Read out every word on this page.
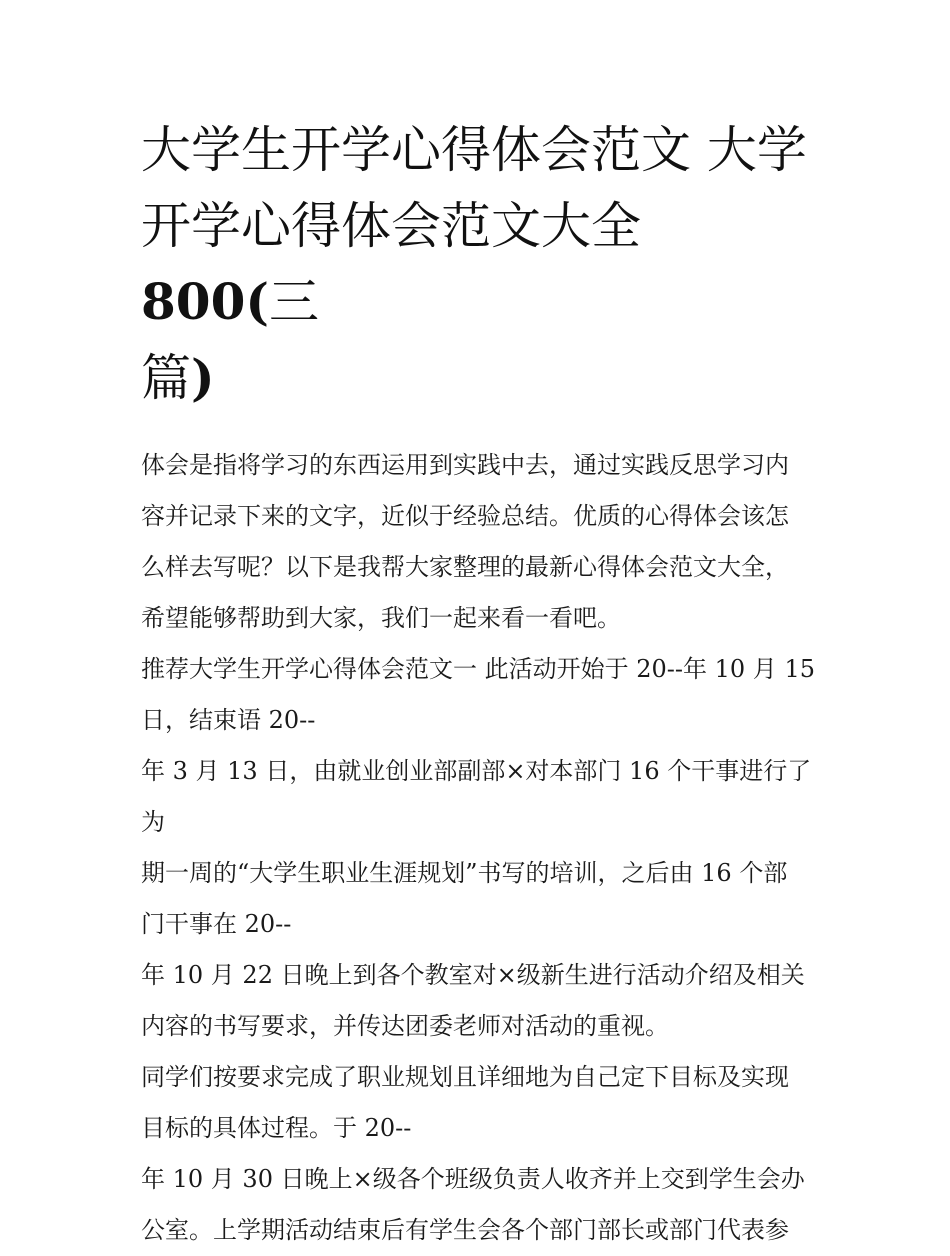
大学生开学心得体会范文 大学
开学心得体会范文大全 800(三
篇)

体会是指将学习的东西运用到实践中去，通过实践反思学习内
容并记录下来的文字，近似于经验总结。优质的心得体会该怎
么样去写呢？以下是我帮大家整理的最新心得体会范文大全，
希望能够帮助到大家，我们一起来看一看吧。

推荐大学生开学心得体会范文一 此活动开始于 20--年 10 月 15
日，结束语 20--

年 3 月 13 日，由就业创业部副部×对本部门 16 个干事进行了为
期一周的“大学生职业生涯规划”书写的培训，之后由 16 个部
门干事在 20--

年 10 月 22 日晚上到各个教室对×级新生进行活动介绍及相关
内容的书写要求，并传达团委老师对活动的重视。

同学们按要求完成了职业规划且详细地为自己定下目标及实现
目标的具体过程。于 20--

年 10 月 30 日晚上×级各个班级负责人收齐并上交到学生会办
公室。上学期活动结束后有学生会各个部门部长或部门代表参
